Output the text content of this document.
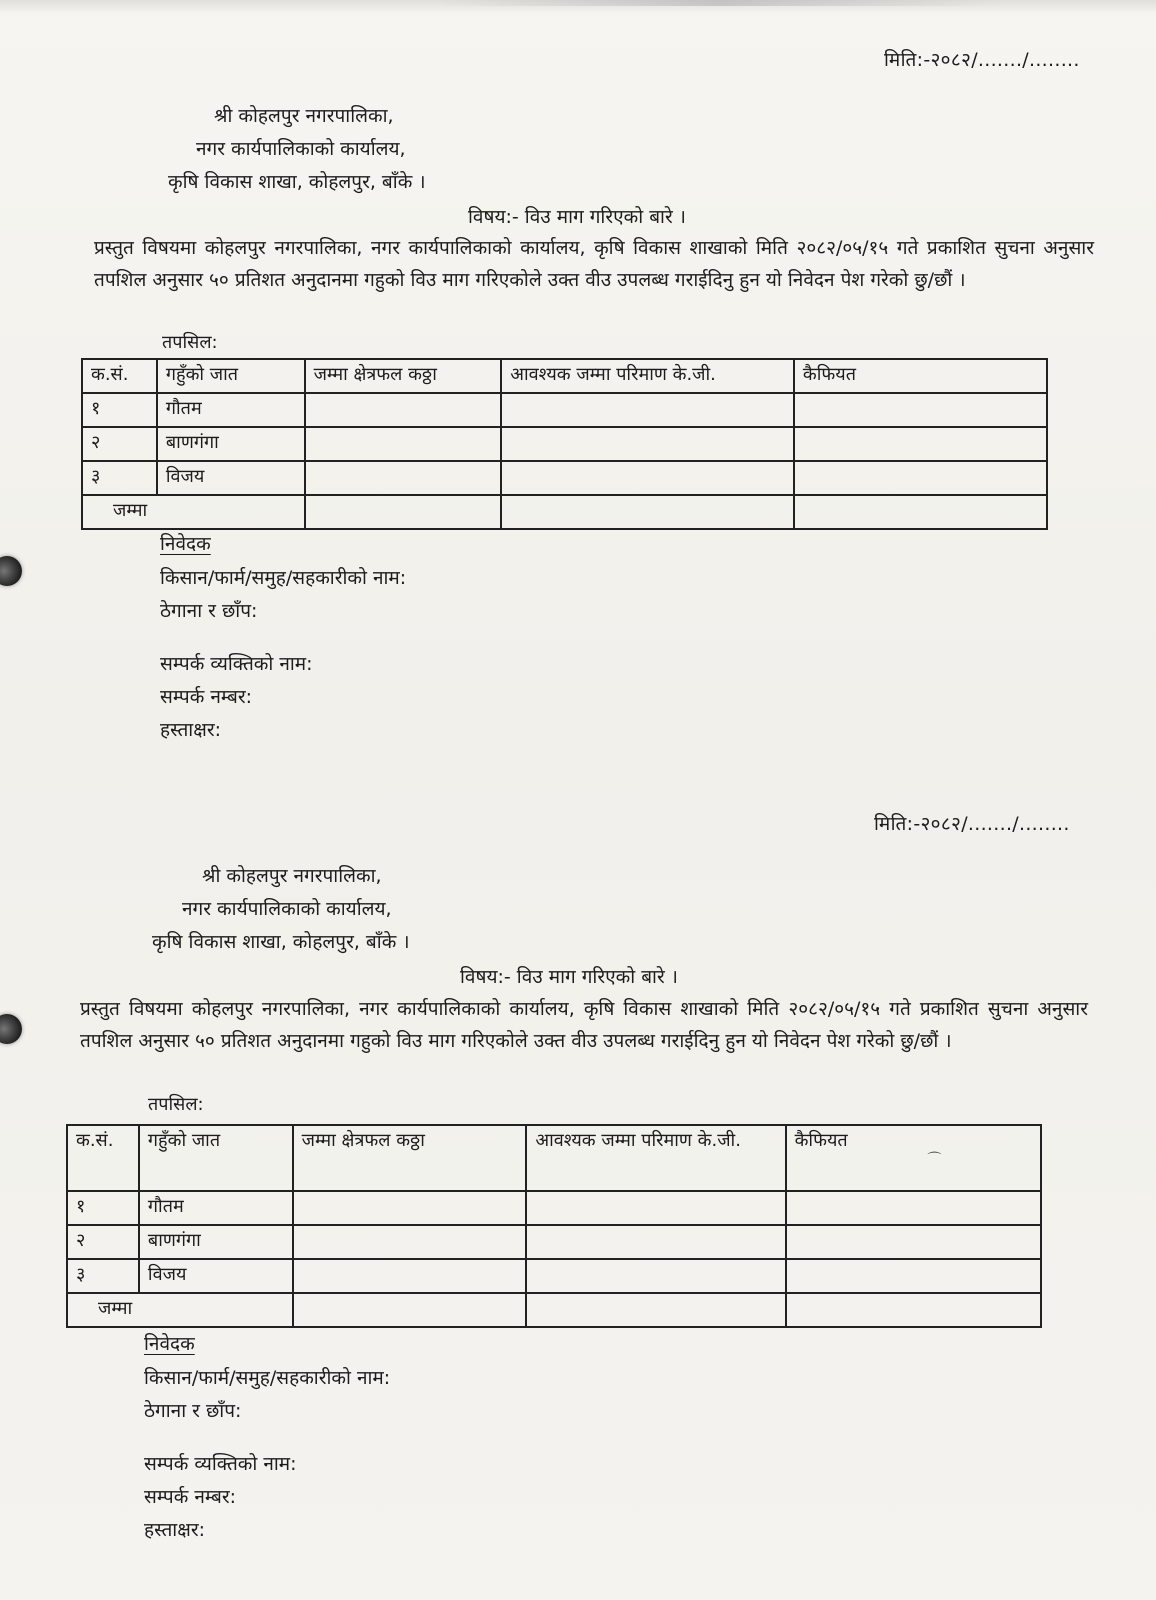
मिति:-२०८२/......./........
श्री कोहलपुर नगरपालिका,
नगर कार्यपालिकाको कार्यालय,
कृषि विकास शाखा, कोहलपुर, बाँके ।
विषय:- विउ माग गरिएको बारे ।
प्रस्तुत विषयमा कोहलपुर नगरपालिका, नगर कार्यपालिकाको कार्यालय, कृषि विकास शाखाको मिति २०८२/०५/१५ गते प्रकाशित सुचना अनुसार तपशिल अनुसार ५० प्रतिशत अनुदानमा गहुको विउ माग गरिएकोले उक्त वीउ उपलब्ध गराईदिनु हुन यो निवेदन पेश गरेको छु/छौं ।
तपसिल:
क.सं.	गहुँको जात	जम्मा क्षेत्रफल कठ्ठा	आवश्यक जम्मा परिमाण के.जी.	कैफियत
१	गौतम			
२	बाणगंगा			
३	विजय			
जम्मा				
निवेदक
किसान/फार्म/समुह/सहकारीको नाम:
ठेगाना र छाँप:
सम्पर्क व्यक्तिको नाम:
सम्पर्क नम्बर:
हस्ताक्षर:
मिति:-२०८२/......./........
श्री कोहलपुर नगरपालिका,
नगर कार्यपालिकाको कार्यालय,
कृषि विकास शाखा, कोहलपुर, बाँके ।
विषय:- विउ माग गरिएको बारे ।
प्रस्तुत विषयमा कोहलपुर नगरपालिका, नगर कार्यपालिकाको कार्यालय, कृषि विकास शाखाको मिति २०८२/०५/१५ गते प्रकाशित सुचना अनुसार तपशिल अनुसार ५० प्रतिशत अनुदानमा गहुको विउ माग गरिएकोले उक्त वीउ उपलब्ध गराईदिनु हुन यो निवेदन पेश गरेको छु/छौं ।
तपसिल:
क.सं.	गहुँको जात	जम्मा क्षेत्रफल कठ्ठा	आवश्यक जम्मा परिमाण के.जी.	कैफियत $_⌒$
१	गौतम			
२	बाणगंगा			
३	विजय			
जम्मा				
निवेदक
किसान/फार्म/समुह/सहकारीको नाम:
ठेगाना र छाँप:
सम्पर्क व्यक्तिको नाम:
सम्पर्क नम्बर:
हस्ताक्षर:
